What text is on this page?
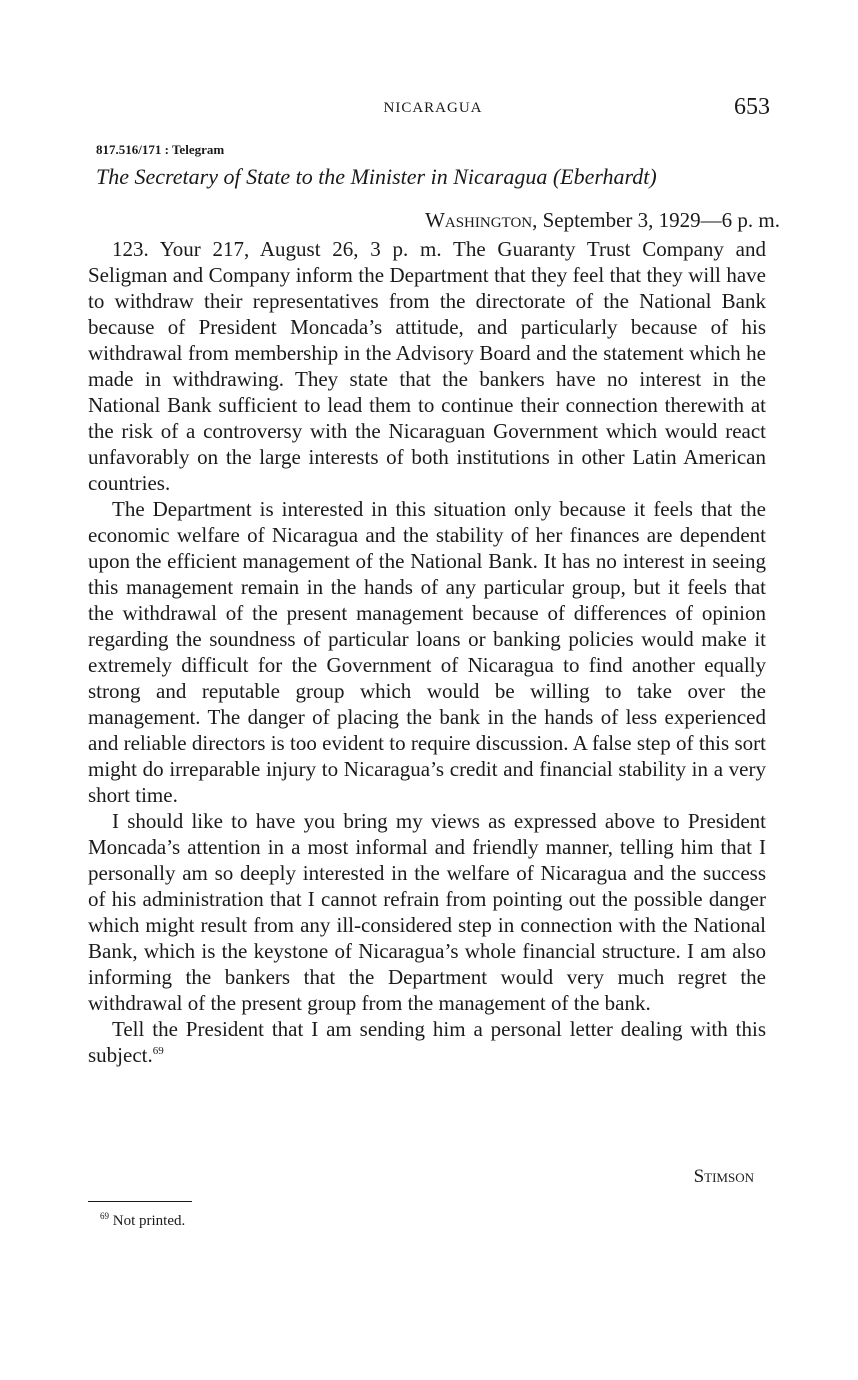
NICARAGUA	653
817.516/171 : Telegram
The Secretary of State to the Minister in Nicaragua (Eberhardt)
Washington, September 3, 1929—6 p. m.

123. Your 217, August 26, 3 p. m. The Guaranty Trust Company and Seligman and Company inform the Department that they feel that they will have to withdraw their representatives from the directorate of the National Bank because of President Moncada’s attitude, and particularly because of his withdrawal from membership in the Advisory Board and the statement which he made in withdrawing. They state that the bankers have no interest in the National Bank sufficient to lead them to continue their connection therewith at the risk of a controversy with the Nicaraguan Government which would react unfavorably on the large interests of both institutions in other Latin American countries.

The Department is interested in this situation only because it feels that the economic welfare of Nicaragua and the stability of her finances are dependent upon the efficient management of the National Bank. It has no interest in seeing this management remain in the hands of any particular group, but it feels that the withdrawal of the present management because of differences of opinion regarding the soundness of particular loans or banking policies would make it extremely difficult for the Government of Nicaragua to find another equally strong and reputable group which would be willing to take over the management. The danger of placing the bank in the hands of less experienced and reliable directors is too evident to require discussion. A false step of this sort might do irreparable injury to Nicaragua’s credit and financial stability in a very short time.

I should like to have you bring my views as expressed above to President Moncada’s attention in a most informal and friendly manner, telling him that I personally am so deeply interested in the welfare of Nicaragua and the success of his administration that I cannot refrain from pointing out the possible danger which might result from any ill-considered step in connection with the National Bank, which is the keystone of Nicaragua’s whole financial structure. I am also informing the bankers that the Department would very much regret the withdrawal of the present group from the management of the bank.

Tell the President that I am sending him a personal letter dealing with this subject.$^{69}$

Stimson
$^{69}$ Not printed.
